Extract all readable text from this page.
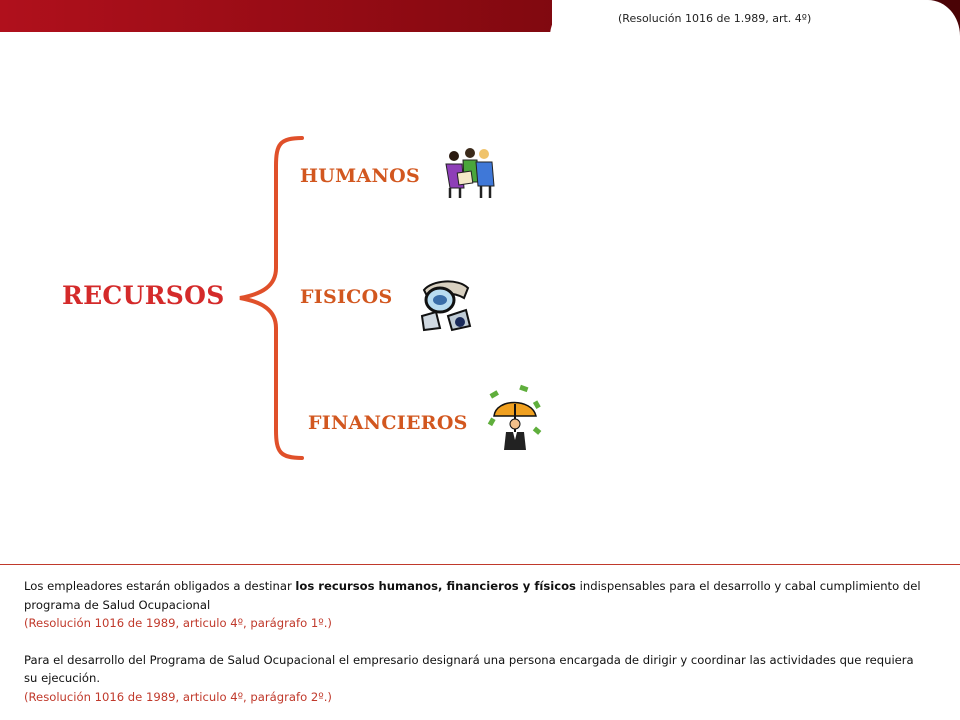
(Resolución 1016 de 1.989, art. 4º)
RECURSOS
HUMANOS
FISICOS
FINANCIEROS

Los empleadores estarán obligados a destinar los recursos humanos, financieros y físicos indispensables para el desarrollo y cabal cumplimiento del programa de Salud Ocupacional

(Resolución 1016 de 1989, articulo 4º, parágrafo 1º.)

Para el desarrollo del Programa de Salud Ocupacional el empresario designará una persona encargada de dirigir y coordinar las actividades que requiera su ejecución.

(Resolución 1016 de 1989, articulo 4º, parágrafo 2º.)
